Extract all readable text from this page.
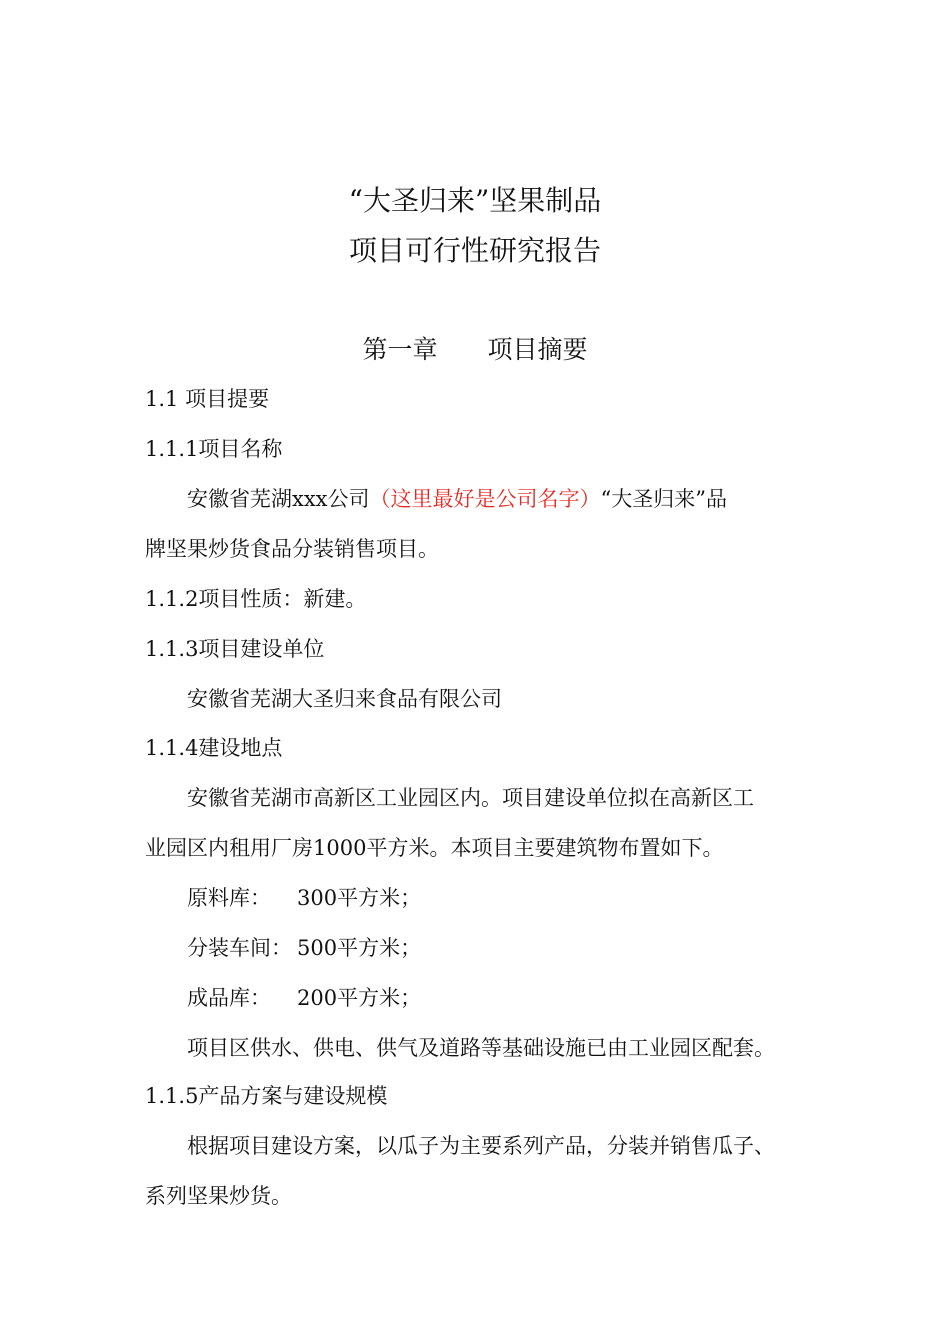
“大圣归来”坚果制品
项目可行性研究报告
第一章　　项目摘要

1.1 项目提要

1.1.1项目名称

安徽省芜湖xxx公司（这里最好是公司名字）“大圣归来”品

牌坚果炒货食品分装销售项目。

1.1.2项目性质：新建。

1.1.3项目建设单位

安徽省芜湖大圣归来食品有限公司

1.1.4建设地点

安徽省芜湖市高新区工业园区内。项目建设单位拟在高新区工

业园区内租用厂房1000平方米。本项目主要建筑物布置如下。

原料库： 300平方米；

分装车间： 500平方米；

成品库： 200平方米；

项目区供水、供电、供气及道路等基础设施已由工业园区配套。

1.1.5产品方案与建设规模

根据项目建设方案，以瓜子为主要系列产品，分装并销售瓜子、

系列坚果炒货。
